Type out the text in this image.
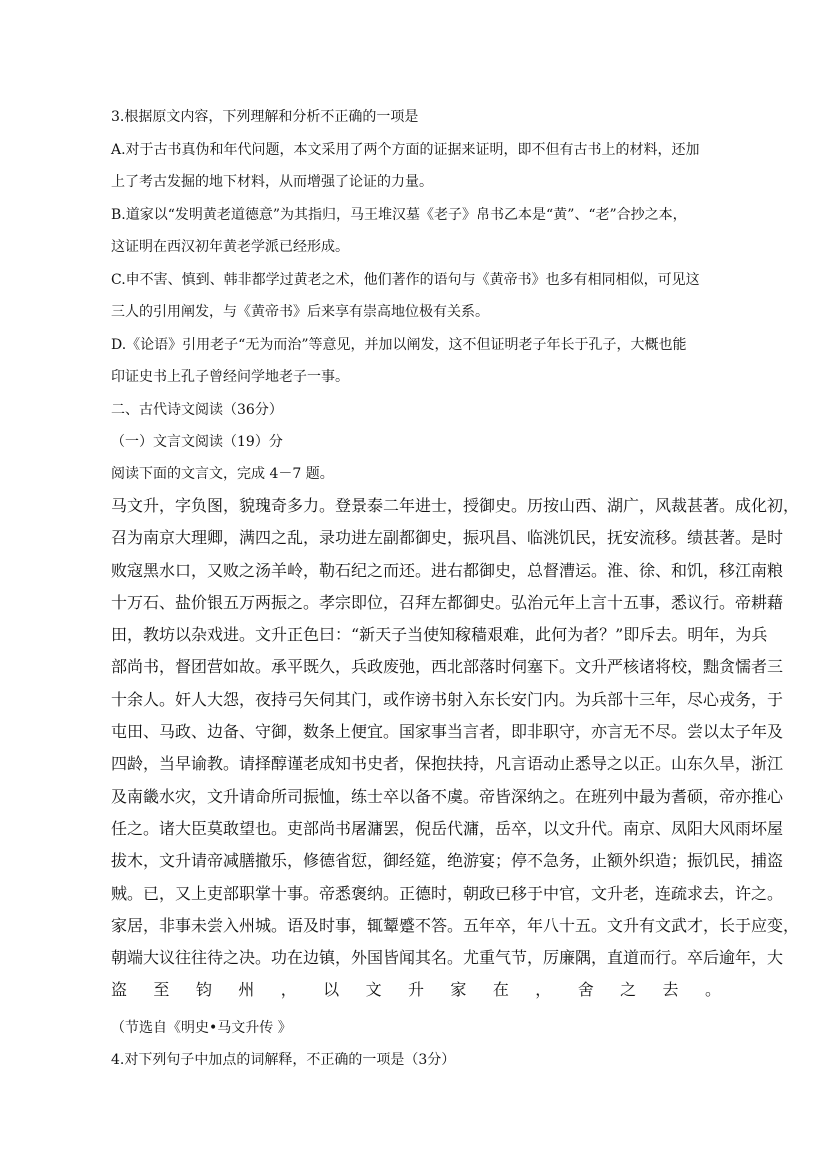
3.根据原文内容，下列理解和分析不正确的一项是
A.对于古书真伪和年代问题，本文采用了两个方面的证据来证明，即不但有古书上的材料，还加
上了考古发掘的地下材料，从而增强了论证的力量。
B.道家以“发明黄老道德意”为其指归，马王堆汉墓《老子》帛书乙本是“黄”、“老”合抄之本，
这证明在西汉初年黄老学派已经形成。
C.申不害、慎到、韩非都学过黄老之术，他们著作的语句与《黄帝书》也多有相同相似，可见这
三人的引用阐发，与《黄帝书》后来享有崇高地位极有关系。
D.《论语》引用老子“无为而治”等意见，并加以阐发，这不但证明老子年长于孔子，大概也能
印证史书上孔子曾经问学地老子一事。
二、古代诗文阅读（36分）
（一）文言文阅读（19）分
阅读下面的文言文，完成 4－7 题。
马文升，字负图，貌瑰奇多力。登景泰二年进士，授御史。历按山西、湖广，风裁甚著。成化初，
召为南京大理卿，满四之乱，录功进左副都御史，振巩昌、临洮饥民，抚安流移。绩甚著。是时
败寇黑水口，又败之汤羊岭，勒石纪之而还。进右都御史，总督漕运。淮、徐、和饥，移江南粮
十万石、盐价银五万两振之。孝宗即位，召拜左都御史。弘治元年上言十五事，悉议行。帝耕藉
田，教坊以杂戏进。文升正色曰：“新天子当使知稼穑艰难，此何为者？”即斥去。明年，为兵
部尚书，督团营如故。承平既久，兵政废弛，西北部落时伺塞下。文升严核诸将校，黜贪懦者三
十余人。奸人大怨，夜持弓矢伺其门，或作谤书射入东长安门内。为兵部十三年，尽心戎务，于
屯田、马政、边备、守御，数条上便宜。国家事当言者，即非职守，亦言无不尽。尝以太子年及
四龄，当早谕教。请择醇谨老成知书史者，保抱扶持，凡言语动止悉导之以正。山东久旱，浙江
及南畿水灾，文升请命所司振恤，练士卒以备不虞。帝皆深纳之。在班列中最为耆硕，帝亦推心
任之。诸大臣莫敢望也。吏部尚书屠滽罢，倪岳代滽，岳卒，以文升代。南京、凤阳大风雨坏屋
拔木，文升请帝减膳撤乐，修德省愆，御经筵，绝游宴；停不急务，止额外织造；振饥民，捕盗
贼。已，又上吏部职掌十事。帝悉褒纳。正德时，朝政已移于中官，文升老，连疏求去，许之。
家居，非事未尝入州城。语及时事，辄颦蹙不答。五年卒，年八十五。文升有文武才，长于应变，
朝端大议往往待之决。功在边镇，外国皆闻其名。尤重气节，厉廉隅，直道而行。卒后逾年，大
盗至钧州，以文升家在，舍之去。
（节选自《明史•马文升传 》
4.对下列句子中加点的词解释，不正确的一项是（3分）
